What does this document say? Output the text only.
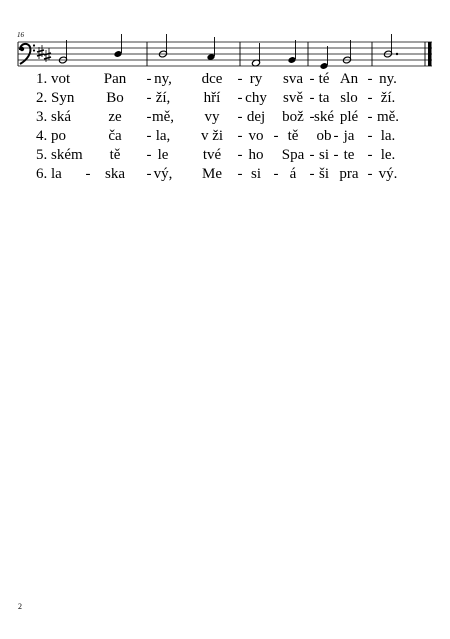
16
1. vot Pan - ny, dce - ry sva - té An - ny.
2. Syn Bo - ží, hří - chy svě - ta slo - ží.
3. ská ze - mě, vy - dej bož - ské plé - mě.
4. po	ča - la, v ži - vo - tě ob - ja - la.
5. ském tě - le tvé - ho Spa - si - te - le.
6. la - ska - vý, Me - si - á - ši pra - vý.
2
